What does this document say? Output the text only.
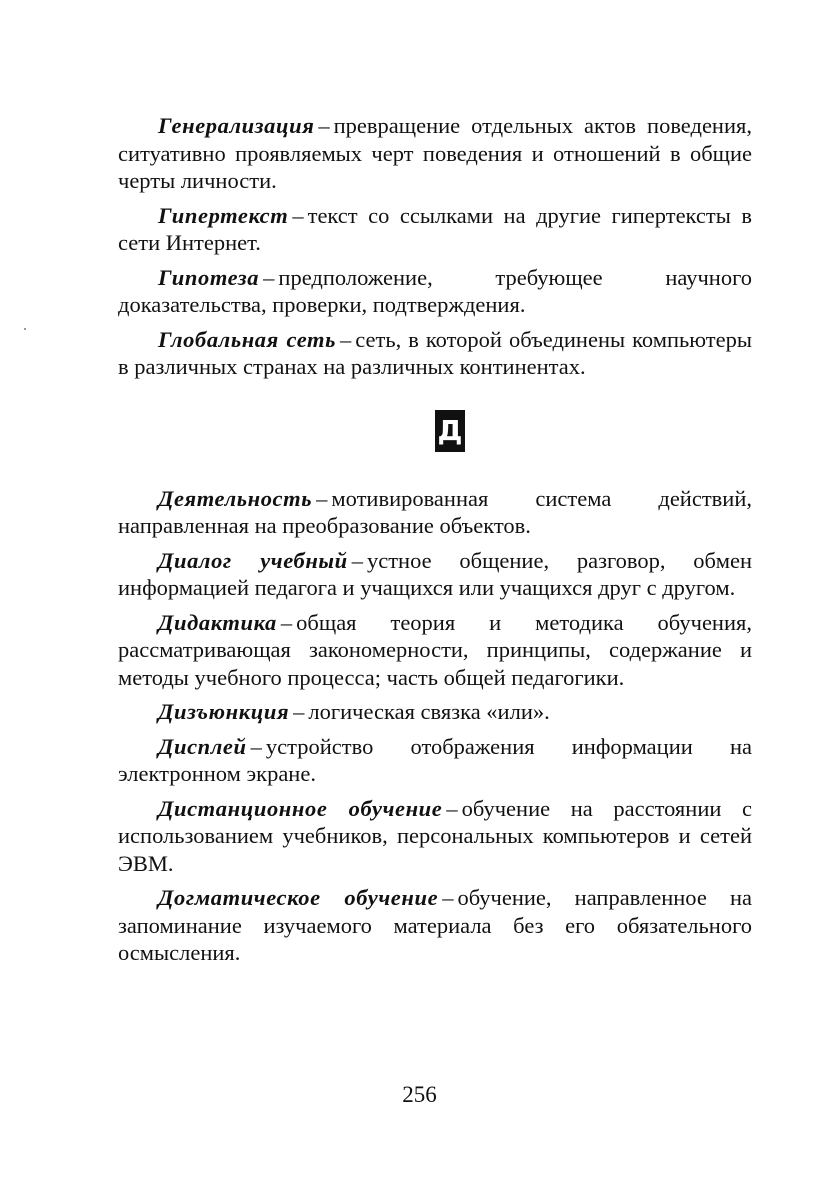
Генерализация – превращение отдельных актов поведения, ситуативно проявляемых черт поведения и отношений в общие черты личности.

Гипертекст – текст со ссылками на другие гипертексты в сети Интернет.

Гипотеза – предположение, требующее научного доказательства, проверки, подтверждения.

Глобальная сеть – сеть, в которой объединены компьютеры в различных странах на различных континентах.

Д

Деятельность – мотивированная система действий, направленная на преобразование объектов.

Диалог учебный – устное общение, разговор, обмен информацией педагога и учащихся или учащихся друг с другом.

Дидактика – общая теория и методика обучения, рассматривающая закономерности, принципы, содержание и методы учебного процесса; часть общей педагогики.

Дизъюнкция – логическая связка «или».

Дисплей – устройство отображения информации на электронном экране.

Дистанционное обучение – обучение на расстоянии с использованием учебников, персональных компьютеров и сетей ЭВМ.

Догматическое обучение – обучение, направленное на запоминание изучаемого материала без его обязательного осмысления.

256
